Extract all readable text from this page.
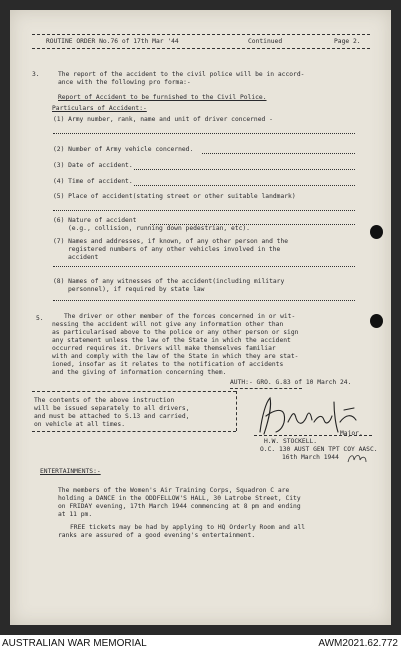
ROUTINE ORDER No.76 of 17th Mar '44	Continued	Page 2.
3.	The report of the accident to the civil police will be in accord-
ance with the following pro forma:-
Report of Accident to be furnished to the Civil Police.
Particulars of Accident:-
(1) Army number, rank, name and unit of driver concerned -
(2) Number of Army vehicle concerned.
(3) Date of accident.
(4) Time of accident.
(5) Place of accident(stating street or other suitable landmark)
(6) Nature of accident
(e.g., collision, running down pedestrian, etc).
(7) Names and addresses, if known, of any other person and the
registered numbers of any other vehicles involved in the
accident
(8) Names of any witnesses of the accident(including military
personnel), if required by state law
5.	The driver or other member of the forces concerned in or wit-
nessing the accident will not give any information other than
as particularised above to the police or any other person or sign
any statement unless the law of the State in which the accident
occurred requires it. Drivers will make themselves familiar
with and comply with the law of the State in which they are stat-
ioned, insofar as it relates to the notification of accidents
and the giving of information concerning them.
AUTH:- GRO. G.83 of 10 March 24.
The contents of the above instruction
will be issued separately to all drivers,
and must be attached to S.13 and carried,
on vehicle at all times.
H.W. STOCKELL.
Major.
O.C. 130 AUST GEN TPT COY AASC.
16th March 1944
ENTERTAINMENTS:-
The members of the Women's Air Training Corps, Squadron C are
holding a DANCE in the ODDFELLOW'S HALL, 30 Latrobe Street, City
on FRIDAY evening, 17th March 1944 commencing at 8 pm and ending
at 11 pm.
FREE tickets may be had by applying to HQ Orderly Room and all
ranks are assured of a good evening's entertainment.
AUSTRALIAN WAR MEMORIAL	AWM2021.62.772
